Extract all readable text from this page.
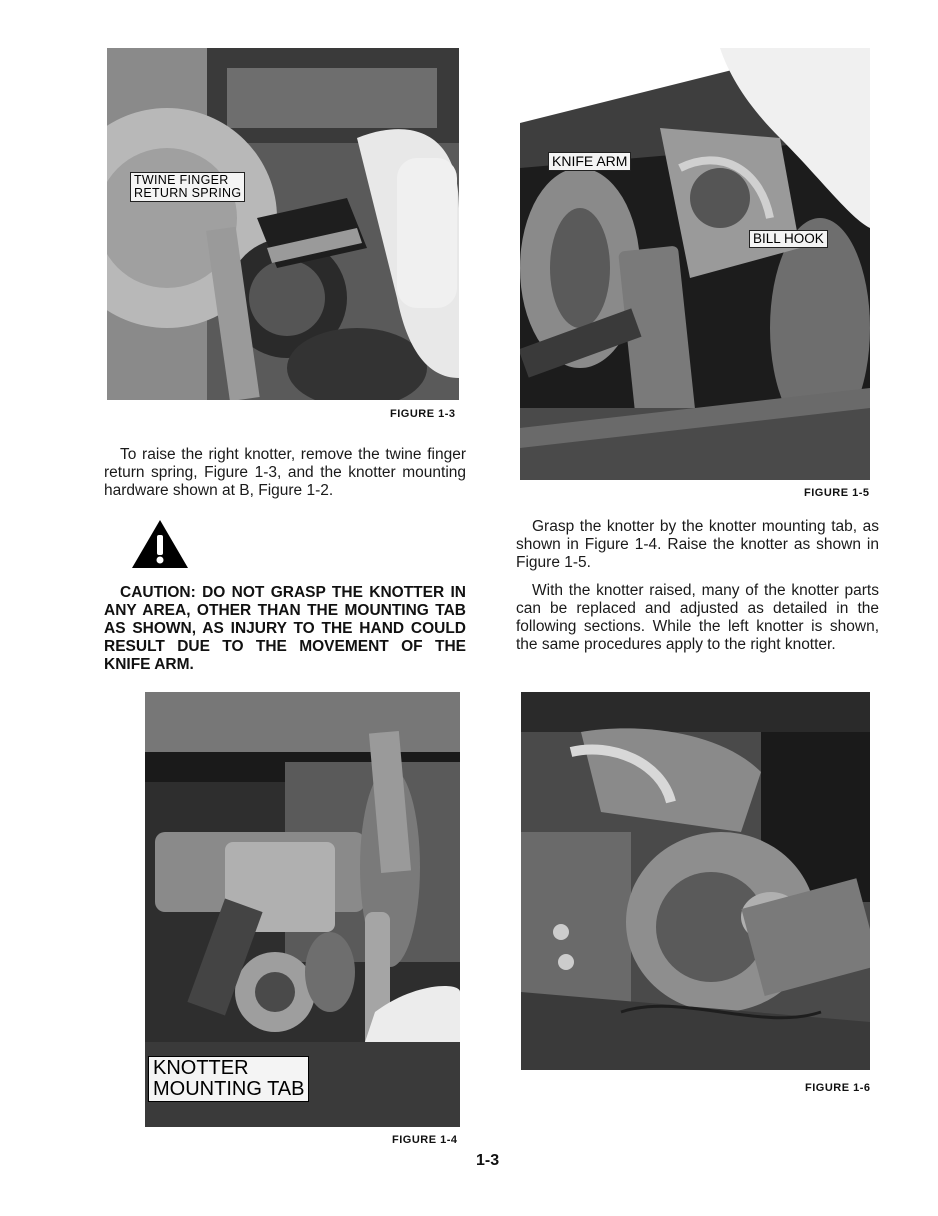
TWINE FINGER
RETURN SPRING
FIGURE 1-3

To raise the right knotter, remove the twine finger return spring, Figure 1-3, and the knotter mounting hardware shown at B, Figure 1-2.

CAUTION: DO NOT GRASP THE KNOTTER IN ANY AREA, OTHER THAN THE MOUNTING TAB AS SHOWN, AS INJURY TO THE HAND COULD RESULT DUE TO THE MOVEMENT OF THE KNIFE ARM.

KNOTTER
MOUNTING TAB
FIGURE 1-4
KNIFE ARM
BILL HOOK
FIGURE 1-5

Grasp the knotter by the knotter mounting tab, as shown in Figure 1-4. Raise the knotter as shown in Figure 1-5.

With the knotter raised, many of the knotter parts can be replaced and adjusted as detailed in the following sections. While the left knotter is shown, the same procedures apply to the right knotter.

FIGURE 1-6
1-3
